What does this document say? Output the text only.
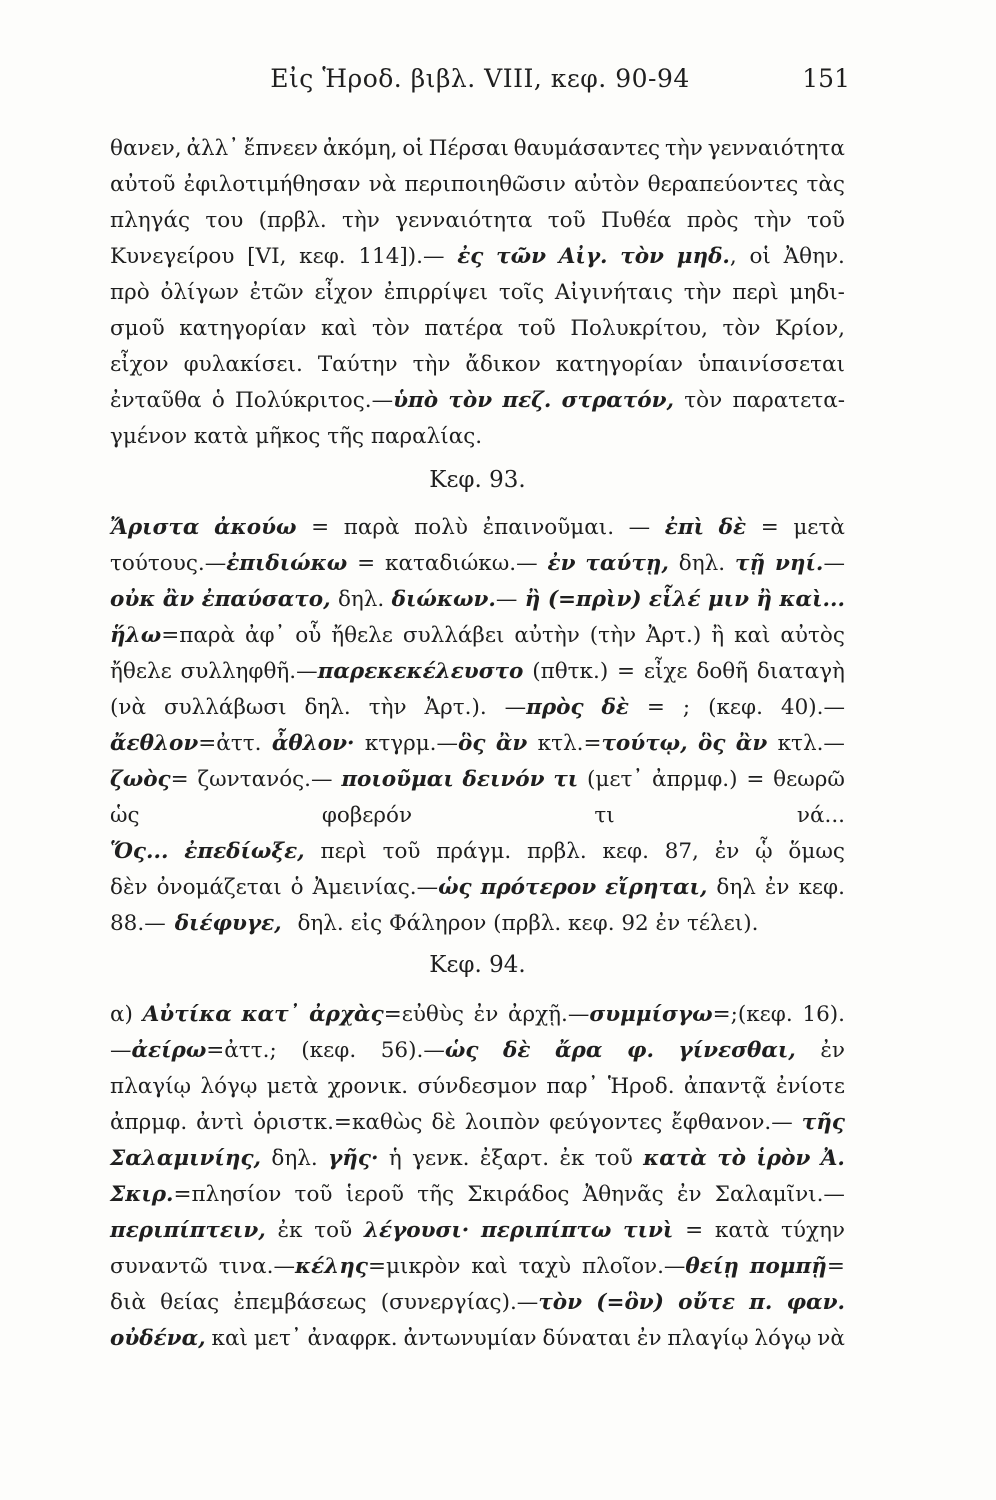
Εἰς Ἡροδ. βιβλ. VIII, κεφ. 90-94	151
θανεν, ἀλλ᾽ ἔπνεεν ἀκόμη, οἱ Πέρσαι θαυμάσαντες τὴν γενναιότητα
αὐτοῦ ἐφιλοτιμήθησαν νὰ περιποιηθῶσιν αὐτὸν θεραπεύοντες τὰς
πληγάς του (πρβλ. τὴν γενναιότητα τοῦ Πυθέα πρὸς τὴν τοῦ
Κυνεγείρου [VI, κεφ. 114]).— ἐς τῶν Αἰγ. τὸν μηδ., οἱ Ἀθην.
πρὸ ὀλίγων ἐτῶν εἶχον ἐπιρρίψει τοῖς Αἰγινήταις τὴν περὶ μηδι-
σμοῦ κατηγορίαν καὶ τὸν πατέρα τοῦ Πολυκρίτου, τὸν Κρίον,
εἶχον φυλακίσει. Ταύτην τὴν ἄδικον κατηγορίαν ὑπαινίσσεται
ἐνταῦθα ὁ Πολύκριτος.—ὑπὸ τὸν πεζ. στρατόν, τὸν παρατετα-
γμένον κατὰ μῆκος τῆς παραλίας.
Κεφ. 93.
Ἄριστα ἀκούω = παρὰ πολὺ ἐπαινοῦμαι. — ἐπὶ δὲ = μετὰ
τούτους.—ἐπιδιώκω = καταδιώκω.— ἐν ταύτῃ, δηλ. τῇ νηί.—
οὐκ ἂν ἐπαύσατο, δηλ. διώκων.— ἢ (=πρὶν) εἷλέ μιν ἢ καὶ...
ἥλω=παρὰ ἀφ᾽ οὗ ἤθελε συλλάβει αὐτὴν (τὴν Ἀρτ.) ἢ καὶ αὐτὸς
ἤθελε συλληφθῆ.—παρεκεκέλευστο (πθτκ.) = εἶχε δοθῆ διαταγὴ
(νὰ συλλάβωσι δηλ. τὴν Ἀρτ.). —πρὸς δὲ = ; (κεφ. 40).—
ἄεθλον=ἀττ. ἆθλον· κτγρμ.—ὃς ἂν κτλ.=τούτῳ, ὃς ἂν κτλ.—
ζωὸς= ζωντανός.— ποιοῦμαι δεινόν τι (μετ᾽ ἀπρμφ.) = θεωρῶ
ὡς	φοβερόν	τι	νά...
Ὅς... ἐπεδίωξε, περὶ τοῦ πράγμ. πρβλ. κεφ. 87, ἐν ᾧ ὅμως
δὲν ὀνομάζεται ὁ Ἀμεινίας.—ὡς πρότερον εἴρηται, δηλ ἐν κεφ.
88.— διέφυγε, δηλ. εἰς Φάληρον (πρβλ. κεφ. 92 ἐν τέλει).
Κεφ. 94.
α) Αὐτίκα κατ᾽ ἀρχὰς=εὐθὺς ἐν ἀρχῇ.—συμμίσγω=;(κεφ. 16).
—ἀείρω=ἀττ.; (κεφ. 56).—ὡς δὲ ἄρα φ. γίνεσθαι, ἐν
πλαγίῳ λόγῳ μετὰ χρονικ. σύνδεσμον παρ᾽ Ἡροδ. ἀπαντᾷ ἐνίοτε
ἀπρμφ. ἀντὶ ὁριστκ.=καθὼς δὲ λοιπὸν φεύγοντες ἔφθανον.— τῆς
Σαλαμινίης, δηλ. γῆς· ἡ γενκ. ἐξαρτ. ἐκ τοῦ κατὰ τὸ ἱρὸν Ἀ.
Σκιρ.=πλησίον τοῦ ἱεροῦ τῆς Σκιράδος Ἀθηνᾶς ἐν Σαλαμῖνι.—
περιπίπτειν, ἐκ τοῦ λέγουσι· περιπίπτω τινὶ = κατὰ τύχην
συναντῶ τινα.—κέλης=μικρὸν καὶ ταχὺ πλοῖον.—θείῃ πομπῇ=
διὰ θείας ἐπεμβάσεως (συνεργίας).—τὸν (=ὃν) οὔτε π. φαν.
οὐδένα, καὶ μετ᾽ ἀναφρκ. ἀντωνυμίαν δύναται ἐν πλαγίῳ λόγῳ νὰ
